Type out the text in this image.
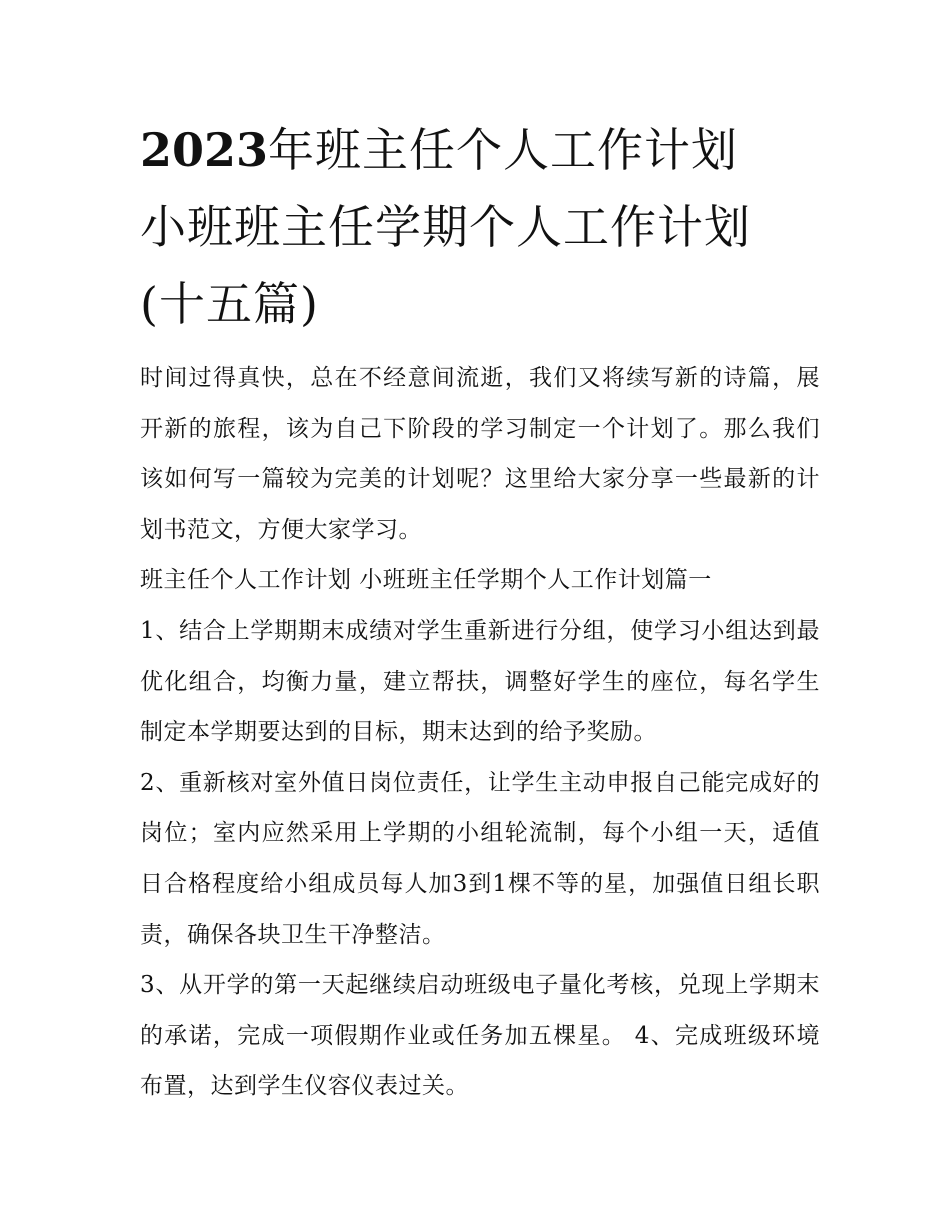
2023年班主任个人工作计划
小班班主任学期个人工作计划
(十五篇)

时间过得真快，总在不经意间流逝，我们又将续写新的诗篇，展开新的旅程，该为自己下阶段的学习制定一个计划了。那么我们该如何写一篇较为完美的计划呢？这里给大家分享一些最新的计划书范文，方便大家学习。

班主任个人工作计划 小班班主任学期个人工作计划篇一

1、结合上学期期末成绩对学生重新进行分组，使学习小组达到最优化组合，均衡力量，建立帮扶，调整好学生的座位，每名学生制定本学期要达到的目标，期末达到的给予奖励。

2、重新核对室外值日岗位责任，让学生主动申报自己能完成好的岗位；室内应然采用上学期的小组轮流制，每个小组一天，适值日合格程度给小组成员每人加3到1棵不等的星，加强值日组长职责，确保各块卫生干净整洁。

3、从开学的第一天起继续启动班级电子量化考核，兑现上学期末的承诺，完成一项假期作业或任务加五棵星。 4、完成班级环境布置，达到学生仪容仪表过关。
